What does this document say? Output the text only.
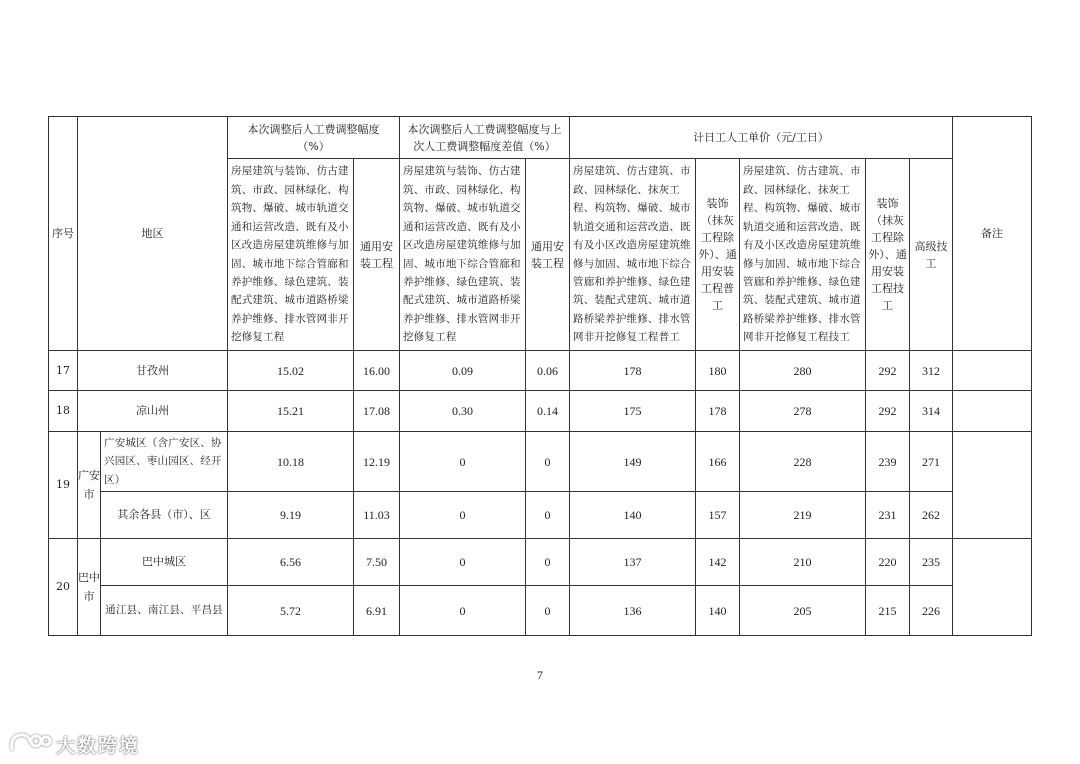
序号	地区		本次调整后人工费调整幅度（%）		本次调整后人工费调整幅度与上次人工费调整幅度差值（%）		计日工人工单价（元/工日）					备注
			房屋建筑与装饰、仿古建筑、市政、园林绿化、构筑物、爆破、城市轨道交通和运营改造、既有及小区改造房屋建筑维修与加固、城市地下综合管廊和养护维修、绿色建筑、装配式建筑、城市道路桥梁养护维修、排水管网非开挖修复工程	通用安装工程	房屋建筑与装饰、仿古建筑、市政、园林绿化、构筑物、爆破、城市轨道交通和运营改造、既有及小区改造房屋建筑维修与加固、城市地下综合管廊和养护维修、绿色建筑、装配式建筑、城市道路桥梁养护维修、排水管网非开挖修复工程	通用安装工程	房屋建筑、仿古建筑、市政、园林绿化、抹灰工程、构筑物、爆破、城市轨道交通和运营改造、既有及小区改造房屋建筑维修与加固、城市地下综合管廊和养护维修、绿色建筑、装配式建筑、城市道路桥梁养护维修、排水管网非开挖修复工程普工	装饰（抹灰工程除外）、通用安装工程普工	房屋建筑、仿古建筑、市政、园林绿化、抹灰工程、构筑物、爆破、城市轨道交通和运营改造、既有及小区改造房屋建筑维修与加固、城市地下综合管廊和养护维修、绿色建筑、装配式建筑、城市道路桥梁养护维修、排水管网非开挖修复工程技工	装饰（抹灰工程除外）、通用安装工程技工	高级技工	
17	甘孜州		15.02	16.00	0.09	0.06	178	180	280	292	312	
18	凉山州		15.21	17.08	0.30	0.14	175	178	278	292	314	
19	广安市	广安城区（含广安区、协兴园区、枣山园区、经开区）	10.18	12.19	0	0	149	166	228	239	271	
		其余各县（市）、区	9.19	11.03	0	0	140	157	219	231	262	
20	巴中市	巴中城区	6.56	7.50	0	0	137	142	210	220	235	
		通江县、南江县、平昌县	5.72	6.91	0	0	136	140	205	215	226	
7
大数跨境
